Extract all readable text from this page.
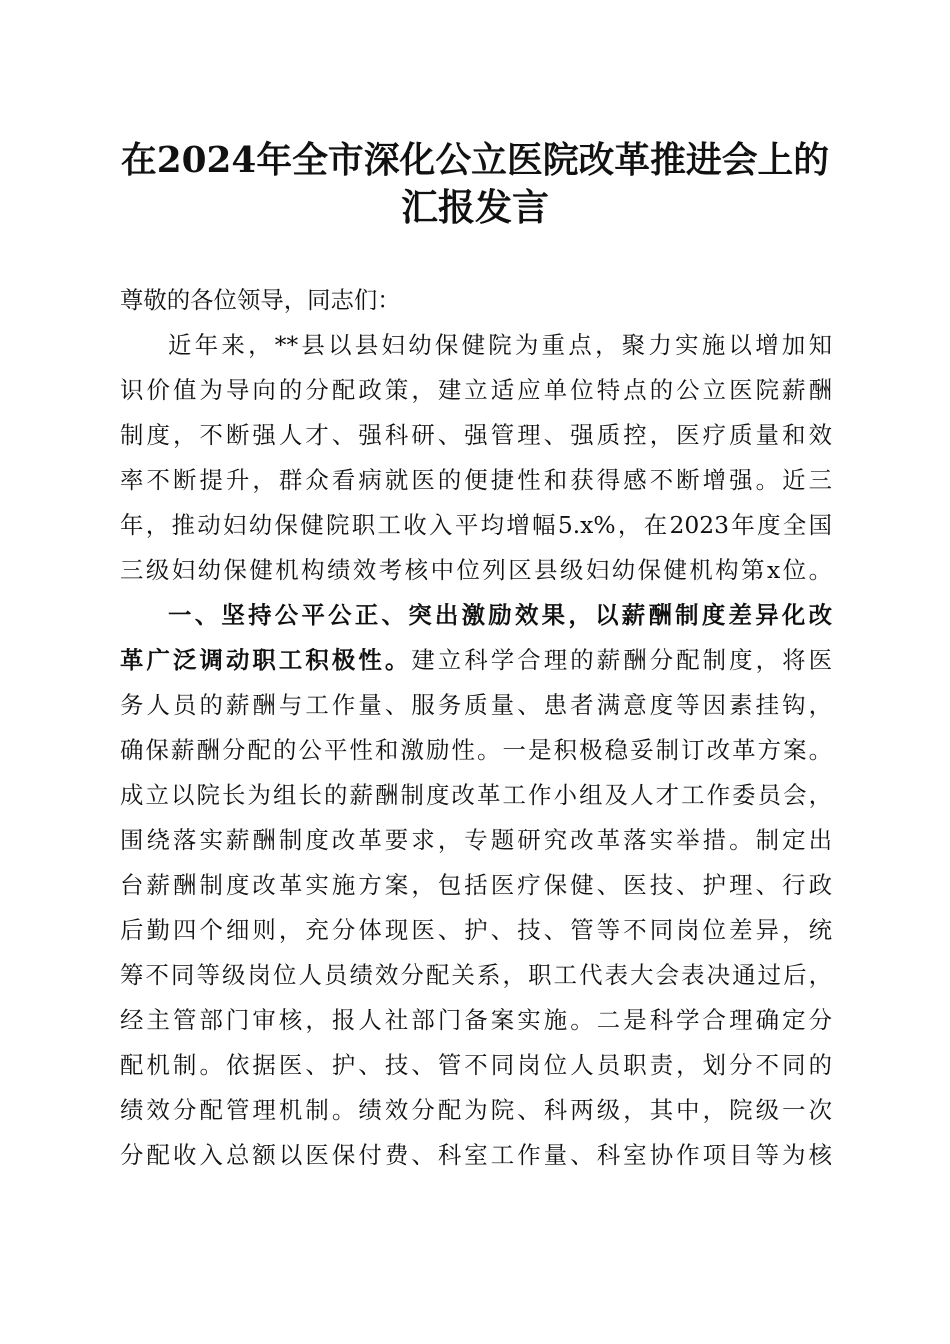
在2024年全市深化公立医院改革推进会上的
汇报发言
尊敬的各位领导，同志们：
近年来，**县以县妇幼保健院为重点，聚力实施以增加知
识价值为导向的分配政策，建立适应单位特点的公立医院薪酬
制度，不断强人才、强科研、强管理、强质控，医疗质量和效
率不断提升，群众看病就医的便捷性和获得感不断增强。近三
年，推动妇幼保健院职工收入平均增幅5.x%，在2023年度全国
三级妇幼保健机构绩效考核中位列区县级妇幼保健机构第x位。
一、坚持公平公正、突出激励效果，以薪酬制度差异化改
革广泛调动职工积极性。建立科学合理的薪酬分配制度，将医
务人员的薪酬与工作量、服务质量、患者满意度等因素挂钩，
确保薪酬分配的公平性和激励性。一是积极稳妥制订改革方案。
成立以院长为组长的薪酬制度改革工作小组及人才工作委员会，
围绕落实薪酬制度改革要求，专题研究改革落实举措。制定出
台薪酬制度改革实施方案，包括医疗保健、医技、护理、行政
后勤四个细则，充分体现医、护、技、管等不同岗位差异，统
筹不同等级岗位人员绩效分配关系，职工代表大会表决通过后，
经主管部门审核，报人社部门备案实施。二是科学合理确定分
配机制。依据医、护、技、管不同岗位人员职责，划分不同的
绩效分配管理机制。绩效分配为院、科两级，其中，院级一次
分配收入总额以医保付费、科室工作量、科室协作项目等为核
